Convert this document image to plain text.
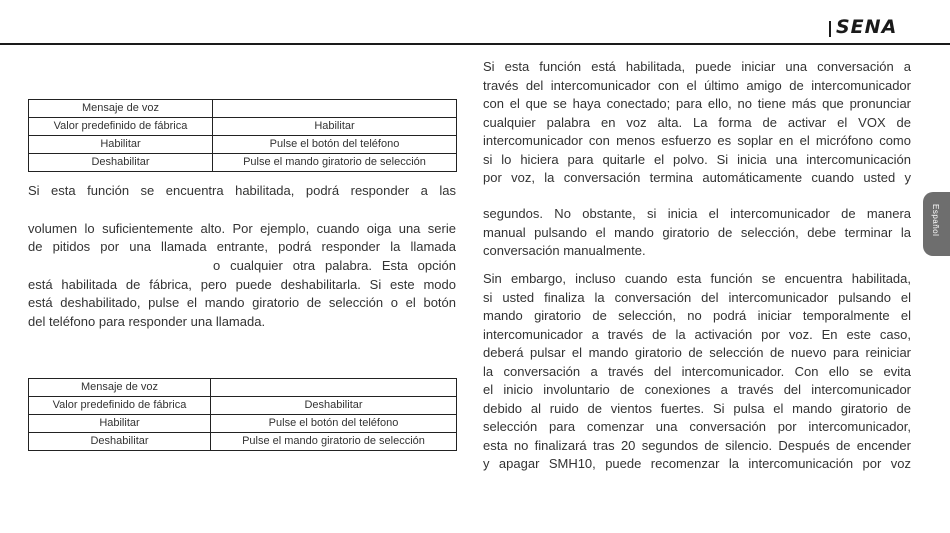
SENA
Mensaje de voz	
Valor predefinido de fábrica	Habilitar
Habilitar	Pulse el botón del teléfono
Deshabilitar	Pulse el mando giratorio de selección

Si esta función se encuentra habilitada, podrá responder a las

volumen lo suficientemente alto. Por ejemplo, cuando oiga una serie

de pitidos por una llamada entrante, podrá responder la llamada

o cualquier otra palabra. Esta opción

está habilitada de fábrica, pero puede deshabilitarla. Si este modo

está deshabilitado, pulse el mando giratorio de selección o el botón

del teléfono para responder una llamada.

Mensaje de voz	
Valor predefinido de fábrica	Deshabilitar
Habilitar	Pulse el botón del teléfono
Deshabilitar	Pulse el mando giratorio de selección

Si esta función está habilitada, puede iniciar una conversación a

través del intercomunicador con el último amigo de intercomunicador

con el que se haya conectado; para ello, no tiene más que pronunciar

cualquier palabra en voz alta. La forma de activar el VOX de

intercomunicador con menos esfuerzo es soplar en el micrófono como

si lo hiciera para quitarle el polvo. Si inicia una intercomunicación

por voz, la conversación termina automáticamente cuando usted y

segundos. No obstante, si inicia el intercomunicador de manera

manual pulsando el mando giratorio de selección, debe terminar la

conversación manualmente.

Sin embargo, incluso cuando esta función se encuentra habilitada,

si usted finaliza la conversación del intercomunicador pulsando el

mando giratorio de selección, no podrá iniciar temporalmente el

intercomunicador a través de la activación por voz. En este caso,

deberá pulsar el mando giratorio de selección de nuevo para reiniciar

la conversación a través del intercomunicador. Con ello se evita

el inicio involuntario de conexiones a través del intercomunicador

debido al ruido de vientos fuertes. Si pulsa el mando giratorio de

selección para comenzar una conversación por intercomunicador,

esta no finalizará tras 20 segundos de silencio. Después de encender

y apagar SMH10, puede recomenzar la intercomunicación por voz

Español
